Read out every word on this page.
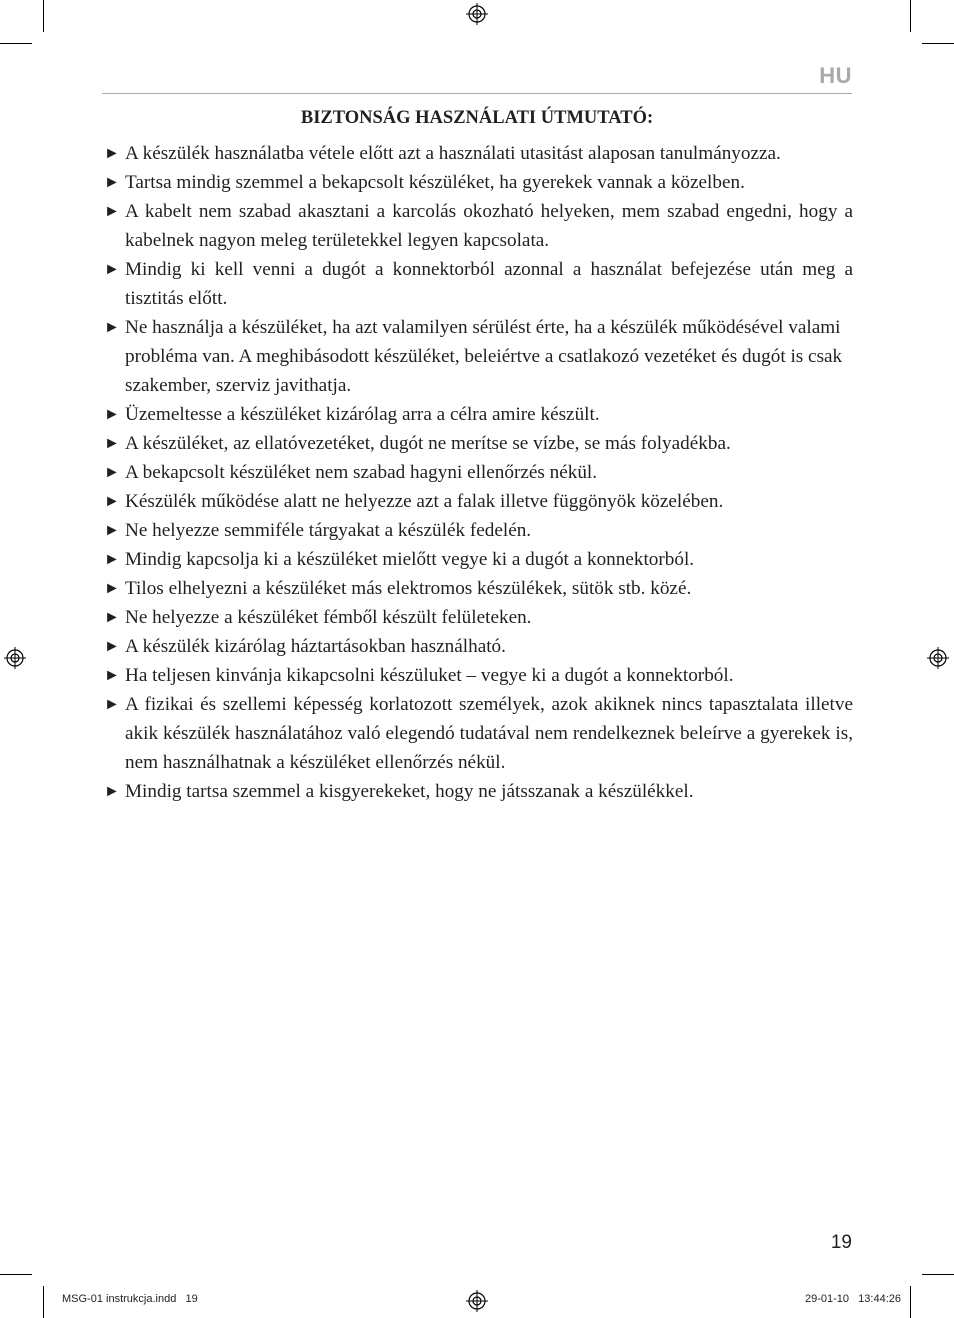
HU
BIZTONSÁG HASZNÁLATI ÚTMUTATÓ:
► A készülék használatba vétele előtt azt a használati utasitást alaposan tanulmányozza.
► Tartsa mindig szemmel a bekapcsolt készüléket, ha gyerekek vannak a közelben.
► A kabelt nem szabad akasztani a karcolás okozható helyeken, mem szabad engedni, hogy a kabelnek nagyon meleg területekkel legyen kapcsolata.
► Mindig ki kell venni a dugót a konnektorból azonnal a használat befejezése után meg a tisztitás előtt.
► Ne használja a készüléket, ha azt valamilyen sérülést érte, ha a készülék működésével valami probléma van. A meghibásodott készüléket, beleiértve a csatlakozó vezetéket és dugót is csak szakember, szerviz javithatja.
► Üzemeltesse a készüléket kizárólag arra a célra amire készült.
► A készüléket, az ellatóvezetéket, dugót ne merítse se vízbe, se más folyadékba.
► A bekapcsolt készüléket nem szabad hagyni ellenőrzés nékül.
► Készülék működése alatt ne helyezze azt a falak illetve függönyök közelében.
► Ne helyezze semmiféle tárgyakat a készülék fedelén.
► Mindig kapcsolja ki a készüléket mielőtt vegye ki a dugót a konnektorból.
► Tilos elhelyezni a készüléket más elektromos készülékek, sütök stb. közé.
► Ne helyezze a készüléket fémből készült felületeken.
► A készülék kizárólag háztartásokban használható.
► Ha teljesen kinvánja kikapcsolni készüluket – vegye ki a dugót a konnektorból.
► A fizikai és szellemi képesség korlatozott személyek, azok akiknek nincs tapasztalata illetve akik készülék használatához való elegendó tudatával nem rendelkeznek beleírve a gyerekek is, nem használhatnak a készüléket ellenőrzés nékül.
► Mindig tartsa szemmel a kisgyerekeket, hogy ne játsszanak a készülékkel.
19
MSG-01 instrukcja.indd   19	29-01-10   13:44:26
